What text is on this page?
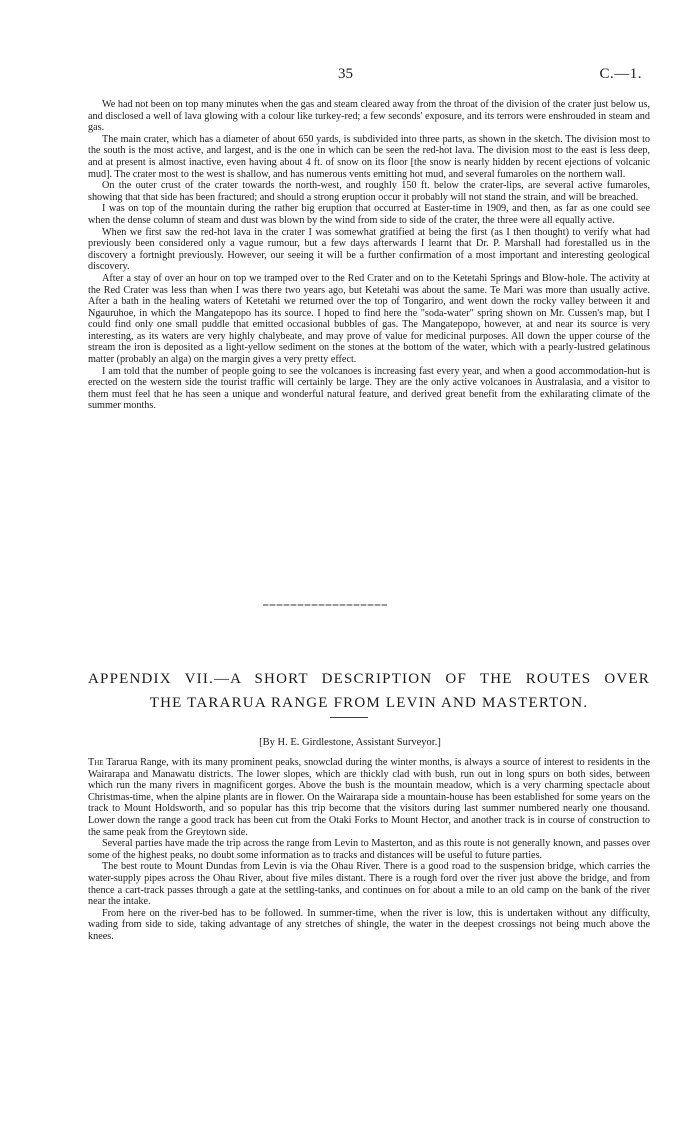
35	C.—1.

We had not been on top many minutes when the gas and steam cleared away from the throat of the division of the crater just below us, and disclosed a well of lava glowing with a colour like turkey-red; a few seconds' exposure, and its terrors were enshrouded in steam and gas.

The main crater, which has a diameter of about 650 yards, is subdivided into three parts, as shown in the sketch. The division most to the south is the most active, and largest, and is the one in which can be seen the red-hot lava. The division most to the east is less deep, and at present is almost inactive, even having about 4 ft. of snow on its floor [the snow is nearly hidden by recent ejections of volcanic mud]. The crater most to the west is shallow, and has numerous vents emitting hot mud, and several fumaroles on the northern wall.

On the outer crust of the crater towards the north-west, and roughly 150 ft. below the crater-lips, are several active fumaroles, showing that that side has been fractured; and should a strong eruption occur it probably will not stand the strain, and will be breached.

I was on top of the mountain during the rather big eruption that occurred at Easter-time in 1909, and then, as far as one could see when the dense column of steam and dust was blown by the wind from side to side of the crater, the three were all equally active.

When we first saw the red-hot lava in the crater I was somewhat gratified at being the first (as I then thought) to verify what had previously been considered only a vague rumour, but a few days afterwards I learnt that Dr. P. Marshall had forestalled us in the discovery a fortnight previously. However, our seeing it will be a further confirmation of a most important and interesting geological discovery.

After a stay of over an hour on top we tramped over to the Red Crater and on to the Ketetahi Springs and Blow-hole. The activity at the Red Crater was less than when I was there two years ago, but Ketetahi was about the same. Te Mari was more than usually active. After a bath in the healing waters of Ketetahi we returned over the top of Tongariro, and went down the rocky valley between it and Ngauruhoe, in which the Mangatepopo has its source. I hoped to find here the "soda-water" spring shown on Mr. Cussen's map, but I could find only one small puddle that emitted occasional bubbles of gas. The Mangatepopo, however, at and near its source is very interesting, as its waters are very highly chalybeate, and may prove of value for medicinal purposes. All down the upper course of the stream the iron is deposited as a light-yellow sediment on the stones at the bottom of the water, which with a pearly-lustred gelatinous matter (probably an alga) on the margin gives a very pretty effect.

I am told that the number of people going to see the volcanoes is increasing fast every year, and when a good accommodation-hut is erected on the western side the tourist traffic will certainly be large. They are the only active volcanoes in Australasia, and a visitor to them must feel that he has seen a unique and wonderful natural feature, and derived great benefit from the exhilarating climate of the summer months.

APPENDIX VII.—A SHORT DESCRIPTION OF THE ROUTES OVER
THE TARARUA RANGE FROM LEVIN AND MASTERTON.
[By H. E. Girdlestone, Assistant Surveyor.]

The Tararua Range, with its many prominent peaks, snowclad during the winter months, is always a source of interest to residents in the Wairarapa and Manawatu districts. The lower slopes, which are thickly clad with bush, run out in long spurs on both sides, between which run the many rivers in magnificent gorges. Above the bush is the mountain meadow, which is a very charming spectacle about Christmas-time, when the alpine plants are in flower. On the Wairarapa side a mountain-house has been established for some years on the track to Mount Holdsworth, and so popular has this trip become that the visitors during last summer numbered nearly one thousand. Lower down the range a good track has been cut from the Otaki Forks to Mount Hector, and another track is in course of construction to the same peak from the Greytown side.

Several parties have made the trip across the range from Levin to Masterton, and as this route is not generally known, and passes over some of the highest peaks, no doubt some information as to tracks and distances will be useful to future parties.

The best route to Mount Dundas from Levin is via the Ohau River. There is a good road to the suspension bridge, which carries the water-supply pipes across the Ohau River, about five miles distant. There is a rough ford over the river just above the bridge, and from thence a cart-track passes through a gate at the settling-tanks, and continues on for about a mile to an old camp on the bank of the river near the intake.

From here on the river-bed has to be followed. In summer-time, when the river is low, this is undertaken without any difficulty, wading from side to side, taking advantage of any stretches of shingle, the water in the deepest crossings not being much above the knees.
